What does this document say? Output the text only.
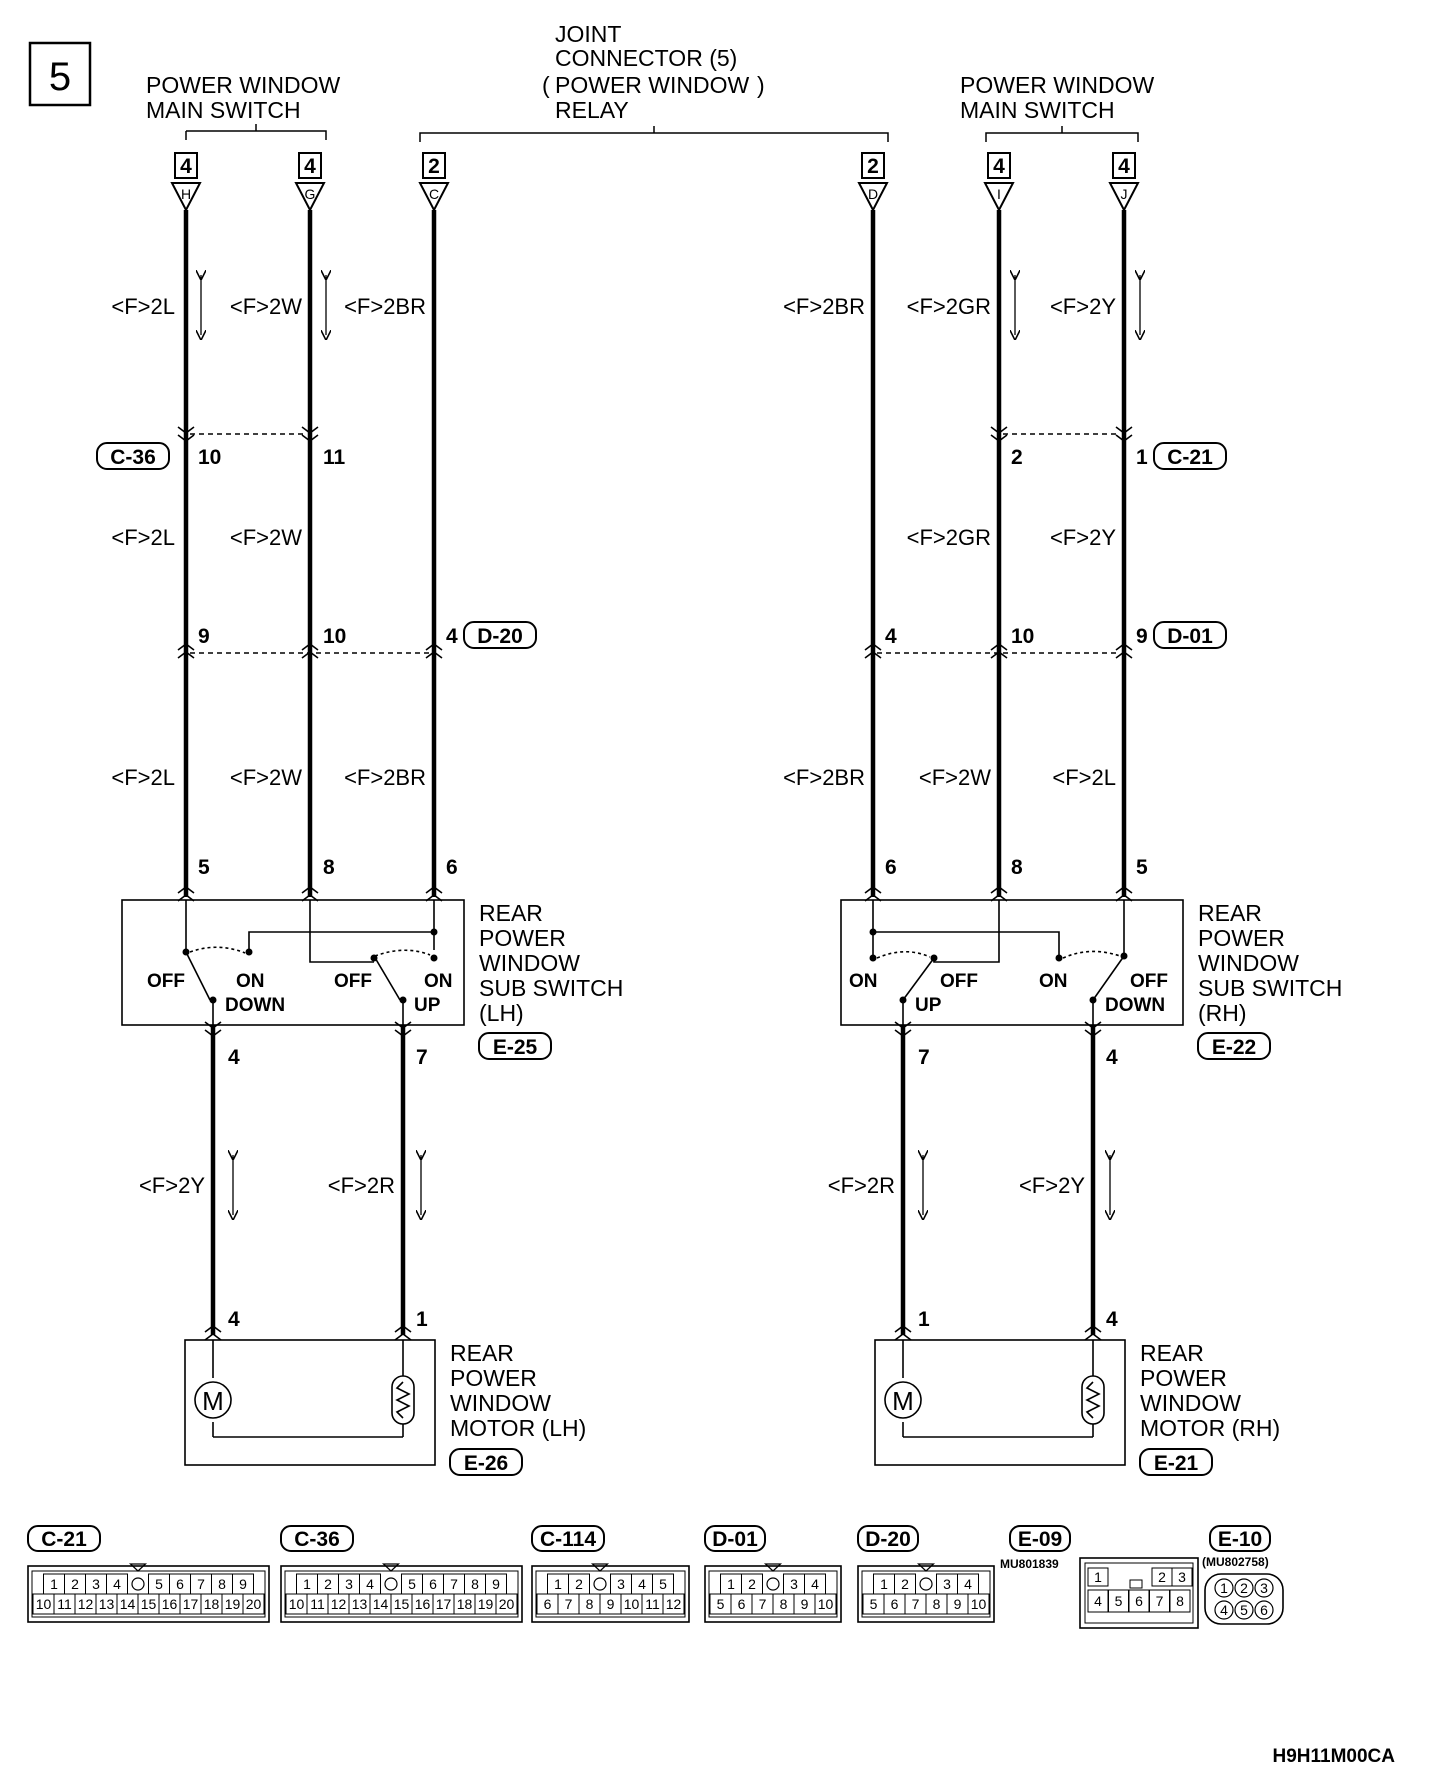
5	POWER WINDOW
MAIN SWITCH
JOINT
CONNECTOR (5)
( POWER WINDOW )
RELAY
POWER WINDOW
MAIN SWITCH
4
H
4
G
2
C
2
D
4
I
4
J
<F>2L <F>2W <F>2BR	<F>2BR <F>2GR	<F>2Y
<F>2L <F>2W	<F>2GR	<F>2Y
<F>2L <F>2W <F>2BR	<F>2BR <F>2W	<F>2L
C-36 10	11	2	1 C-21
9	10	4 D-20	4	10	9 D-01
5	8	6
OFF	ON
DOWN
OFF	ON
UP
REAR
POWER
WINDOW
SUB SWITCH
(LH)
E-25
4	7
6	8	5
ON	OFF
UP
ON	OFF
DOWN
REAR
POWER
WINDOW
SUB SWITCH
(RH)
E-22
7	4
<F>2Y	<F>2R	<F>2R	<F>2Y
4	1
M
REAR
POWER
WINDOW
MOTOR (LH)
E-26
1	4
M
REAR
POWER
WINDOW
MOTOR (RH)
E-21
C-21
1 2 3 4 5 6 7 8 9
10 11 12 13 14 15 16 17 18 19 20
C-36
1 2 3 4 5 6 7 8 9
10 11 12 13 14 15 16 17 18 19 20
C-114
1 2 3 4 5
6 7 8 9 10 11 12
D-01
1 2 3 4
5 6 7 8 9 10
D-20
1 2 3 4
5 6 7 8 9 10
E-09
MU801839
1	2 3
4 5 6 7 8
E-10
(MU802758)
1 2 3
4 5 6
H9H11M00CA
